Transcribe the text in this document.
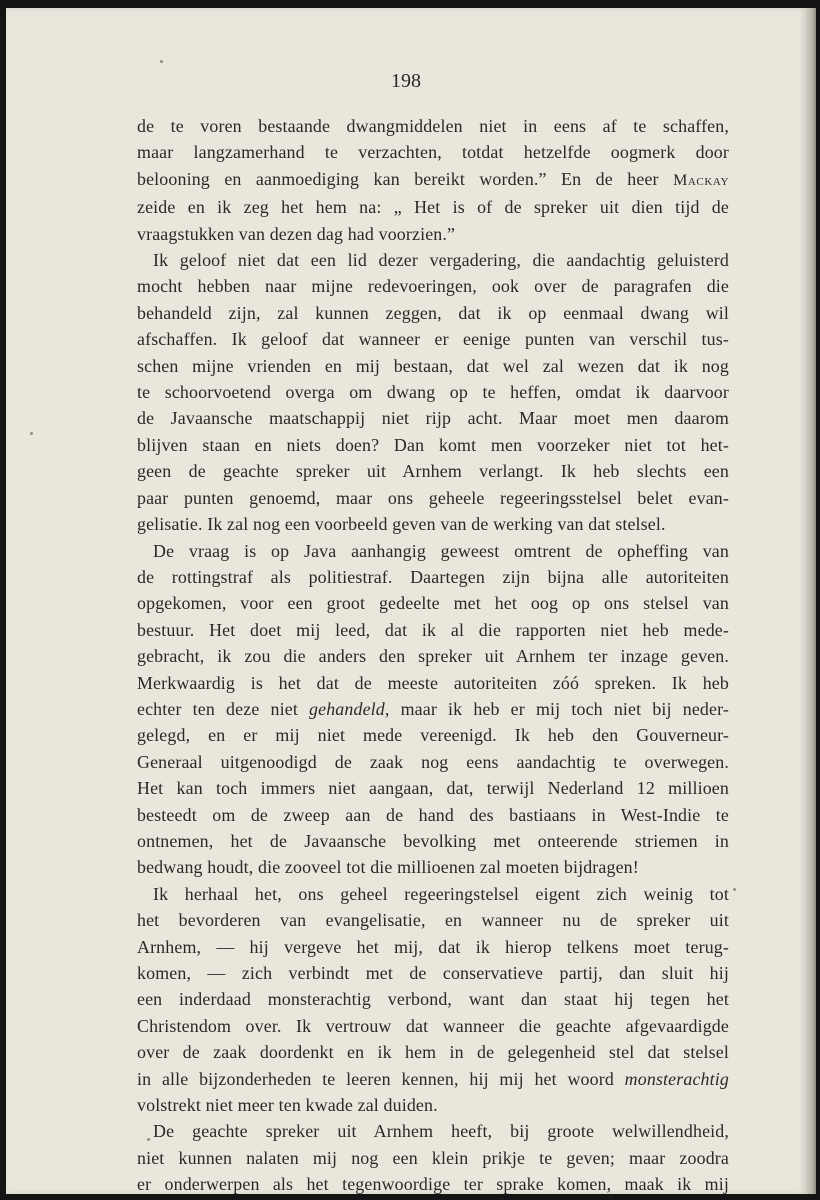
198
de te voren bestaande dwangmiddelen niet in eens af te schaffen,
maar langzamerhand te verzachten, totdat hetzelfde oogmerk door
belooning en aanmoediging kan bereikt worden.” En de heer Mackay
zeide en ik zeg het hem na: „ Het is of de spreker uit dien tijd de
vraagstukken van dezen dag had voorzien.”
Ik geloof niet dat een lid dezer vergadering, die aandachtig geluisterd
mocht hebben naar mijne redevoeringen, ook over de paragrafen die
behandeld zijn, zal kunnen zeggen, dat ik op eenmaal dwang wil
afschaffen. Ik geloof dat wanneer er eenige punten van verschil tus-
schen mijne vrienden en mij bestaan, dat wel zal wezen dat ik nog
te schoorvoetend overga om dwang op te heffen, omdat ik daarvoor
de Javaansche maatschappij niet rijp acht. Maar moet men daarom
blijven staan en niets doen? Dan komt men voorzeker niet tot het-
geen de geachte spreker uit Arnhem verlangt. Ik heb slechts een
paar punten genoemd, maar ons geheele regeeringsstelsel belet evan-
gelisatie. Ik zal nog een voorbeeld geven van de werking van dat stelsel.
De vraag is op Java aanhangig geweest omtrent de opheffing van
de rottingstraf als politiestraf. Daartegen zijn bijna alle autoriteiten
opgekomen, voor een groot gedeelte met het oog op ons stelsel van
bestuur. Het doet mij leed, dat ik al die rapporten niet heb mede-
gebracht, ik zou die anders den spreker uit Arnhem ter inzage geven.
Merkwaardig is het dat de meeste autoriteiten zóó spreken. Ik heb
echter ten deze niet gehandeld, maar ik heb er mij toch niet bij neder-
gelegd, en er mij niet mede vereenigd. Ik heb den Gouverneur-
Generaal uitgenoodigd de zaak nog eens aandachtig te overwegen.
Het kan toch immers niet aangaan, dat, terwijl Nederland 12 millioen
besteedt om de zweep aan de hand des bastiaans in West-Indie te
ontnemen, het de Javaansche bevolking met onteerende striemen in
bedwang houdt, die zooveel tot die millioenen zal moeten bijdragen!
Ik herhaal het, ons geheel regeeringstelsel eigent zich weinig tot
het bevorderen van evangelisatie, en wanneer nu de spreker uit
Arnhem, — hij vergeve het mij, dat ik hierop telkens moet terug-
komen, — zich verbindt met de conservatieve partij, dan sluit hij
een inderdaad monsterachtig verbond, want dan staat hij tegen het
Christendom over. Ik vertrouw dat wanneer die geachte afgevaardigde
over de zaak doordenkt en ik hem in de gelegenheid stel dat stelsel
in alle bijzonderheden te leeren kennen, hij mij het woord monsterachtig
volstrekt niet meer ten kwade zal duiden.
De geachte spreker uit Arnhem heeft, bij groote welwillendheid,
niet kunnen nalaten mij nog een klein prikje te geven; maar zoodra
er onderwerpen als het tegenwoordige ter sprake komen, maak ik mij
